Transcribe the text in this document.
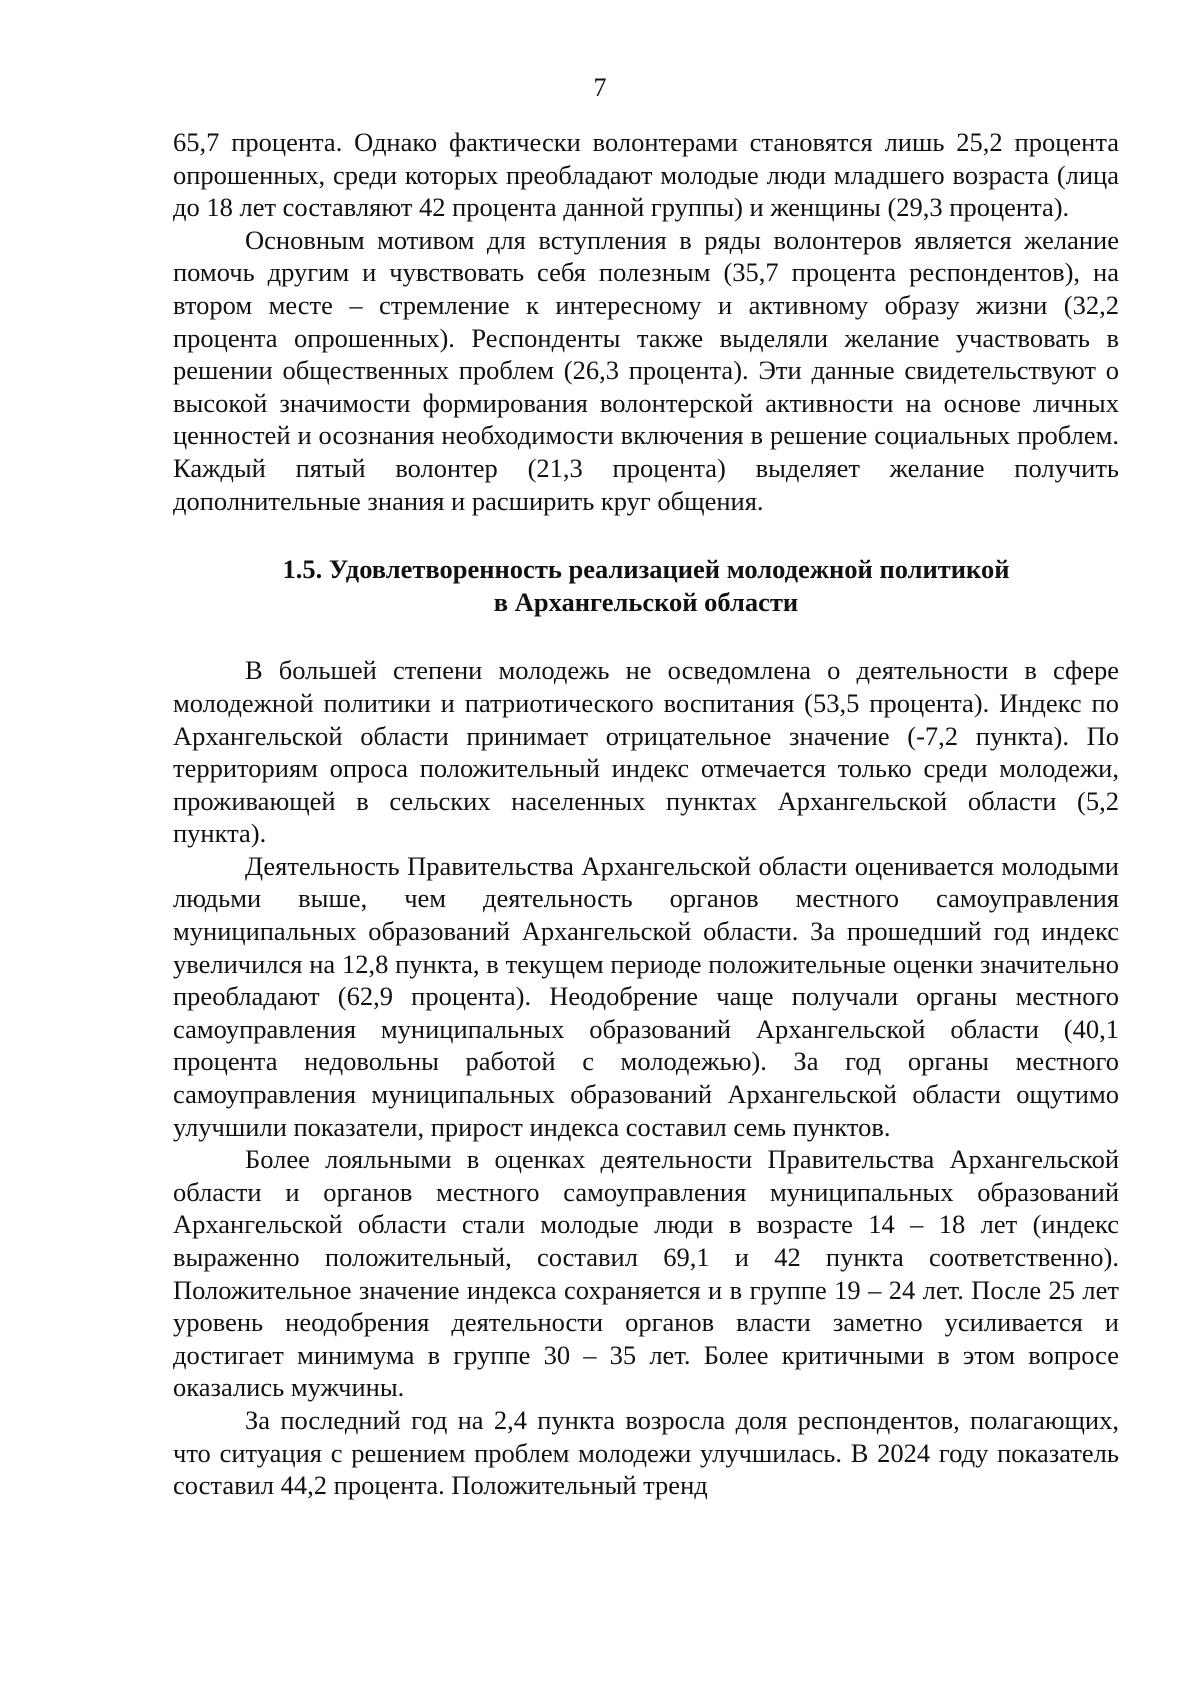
7

65,7 процента. Однако фактически волонтерами становятся лишь 25,2 процента опрошенных, среди которых преобладают молодые люди младшего возраста (лица до 18 лет составляют 42 процента данной группы) и женщины (29,3 процента).

Основным мотивом для вступления в ряды волонтеров является желание помочь другим и чувствовать себя полезным (35,7 процента респондентов), на втором месте – стремление к интересному и активному образу жизни (32,2 процента опрошенных). Респонденты также выделяли желание участвовать в решении общественных проблем (26,3 процента). Эти данные свидетельствуют о высокой значимости формирования волонтерской активности на основе личных ценностей и осознания необходимости включения в решение социальных проблем. Каждый пятый волонтер (21,3 процента) выделяет желание получить дополнительные знания и расширить круг общения.

1.5. Удовлетворенность реализацией молодежной политикой
в Архангельской области

В большей степени молодежь не осведомлена о деятельности в сфере молодежной политики и патриотического воспитания (53,5 процента). Индекс по Архангельской области принимает отрицательное значение (-7,2 пункта). По территориям опроса положительный индекс отмечается только среди молодежи, проживающей в сельских населенных пунктах Архангельской области (5,2 пункта).

Деятельность Правительства Архангельской области оценивается молодыми людьми выше, чем деятельность органов местного самоуправления муниципальных образований Архангельской области. За прошедший год индекс увеличился на 12,8 пункта, в текущем периоде положительные оценки значительно преобладают (62,9 процента). Неодобрение чаще получали органы местного самоуправления муниципальных образований Архангельской области (40,1 процента недовольны работой с молодежью). За год органы местного самоуправления муниципальных образований Архангельской области ощутимо улучшили показатели, прирост индекса составил семь пунктов.

Более лояльными в оценках деятельности Правительства Архангельской области и органов местного самоуправления муниципальных образований Архангельской области стали молодые люди в возрасте 14 – 18 лет (индекс выраженно положительный, составил 69,1 и 42 пункта соответственно). Положительное значение индекса сохраняется и в группе 19 – 24 лет. После 25 лет уровень неодобрения деятельности органов власти заметно усиливается и достигает минимума в группе 30 – 35 лет. Более критичными в этом вопросе оказались мужчины.

За последний год на 2,4 пункта возросла доля респондентов, полагающих, что ситуация с решением проблем молодежи улучшилась. В 2024 году показатель составил 44,2 процента. Положительный тренд
